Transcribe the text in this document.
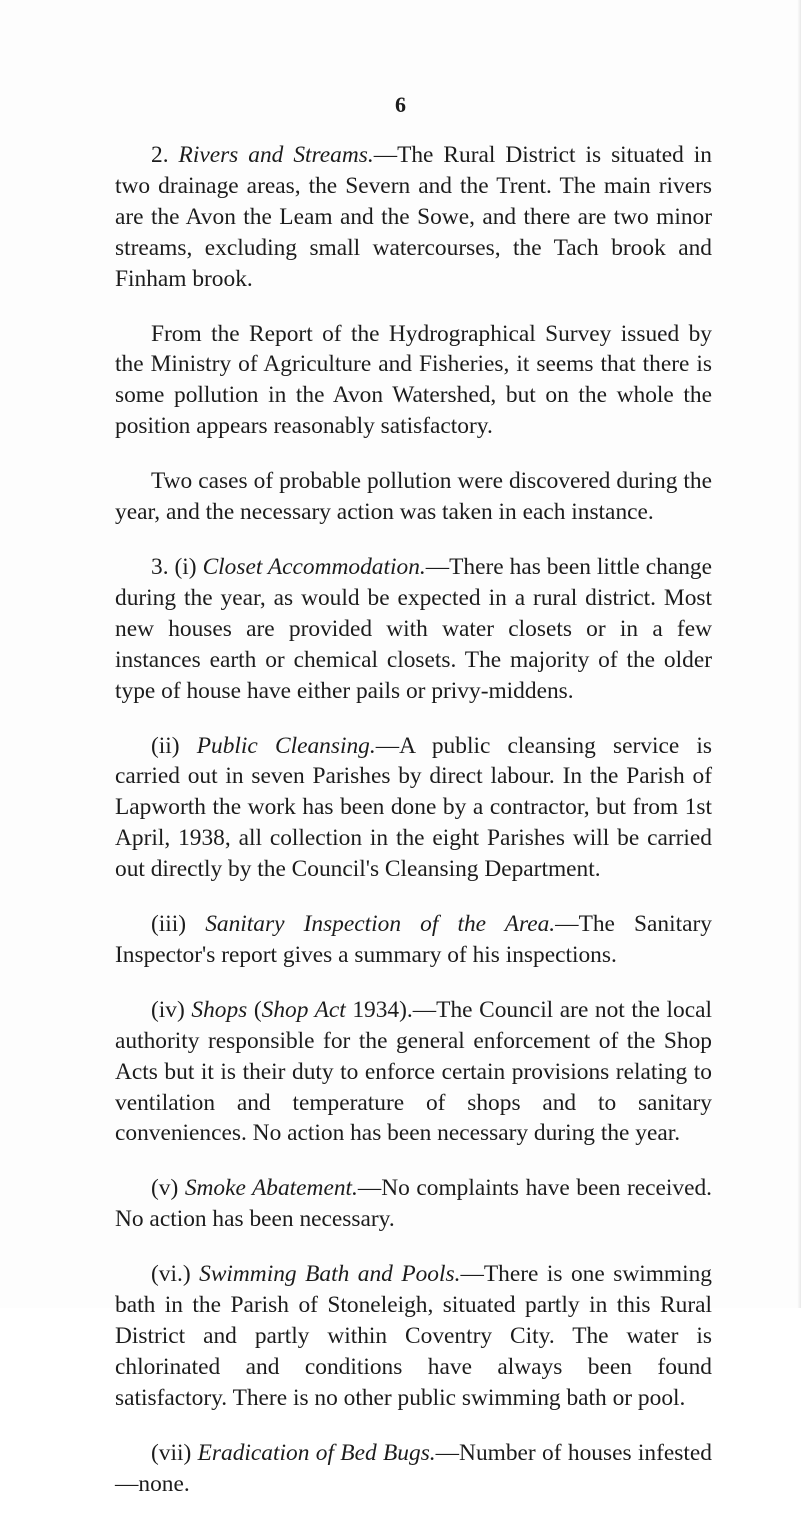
6

2. Rivers and Streams.—The Rural District is situated in two drainage areas, the Severn and the Trent. The main rivers are the Avon the Leam and the Sowe, and there are two minor streams, excluding small watercourses, the Tach brook and Finham brook.

From the Report of the Hydrographical Survey issued by the Ministry of Agriculture and Fisheries, it seems that there is some pollution in the Avon Watershed, but on the whole the position appears reasonably satisfactory.

Two cases of probable pollution were discovered during the year, and the necessary action was taken in each instance.

3. (i) Closet Accommodation.—There has been little change during the year, as would be expected in a rural district. Most new houses are provided with water closets or in a few instances earth or chemical closets. The majority of the older type of house have either pails or privy-middens.

(ii) Public Cleansing.—A public cleansing service is carried out in seven Parishes by direct labour. In the Parish of Lapworth the work has been done by a contractor, but from 1st April, 1938, all collection in the eight Parishes will be carried out directly by the Council's Cleansing Department.

(iii) Sanitary Inspection of the Area.—The Sanitary Inspector's report gives a summary of his inspections.

(iv) Shops (Shop Act 1934).—The Council are not the local authority responsible for the general enforcement of the Shop Acts but it is their duty to enforce certain provisions relating to ventilation and temperature of shops and to sanitary conveniences. No action has been necessary during the year.

(v) Smoke Abatement.—No complaints have been received. No action has been necessary.

(vi.) Swimming Bath and Pools.—There is one swimming bath in the Parish of Stoneleigh, situated partly in this Rural District and partly within Coventry City. The water is chlorinated and conditions have always been found satisfactory. There is no other public swimming bath or pool.

(vii) Eradication of Bed Bugs.—Number of houses infested—none.
